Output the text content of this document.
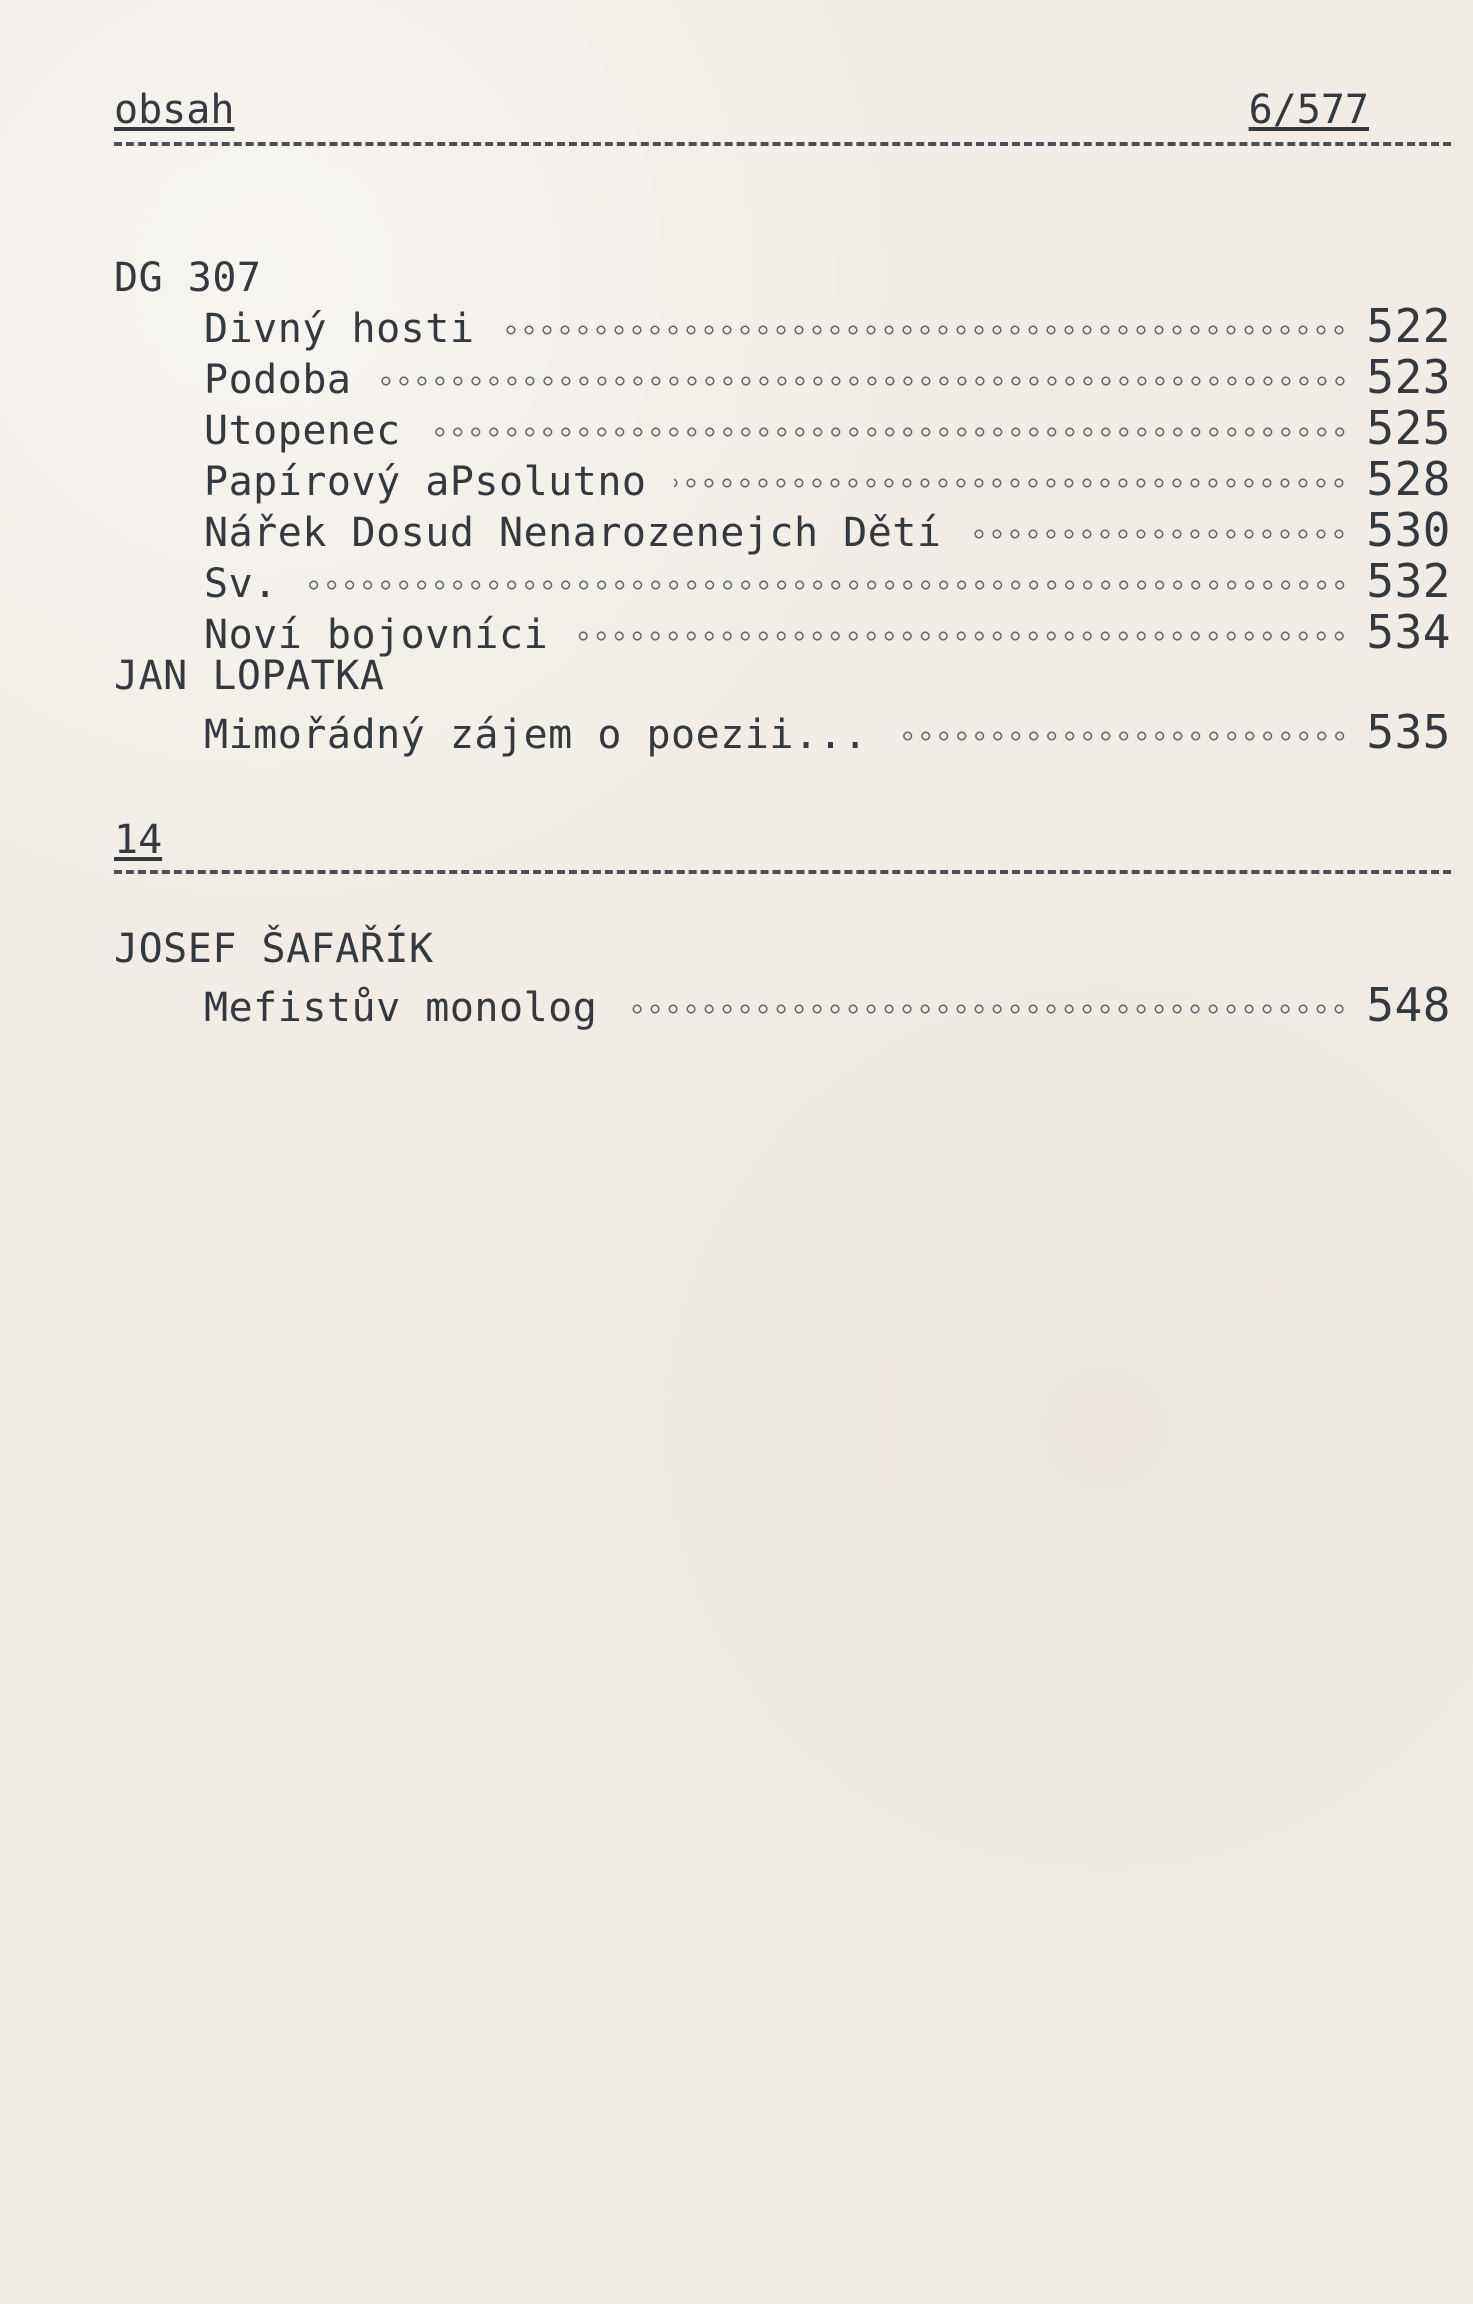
obsah	6/577
DG 307
Divný hosti	522
Podoba	523
Utopenec	525
Papírový aPsolutno	528
Nářek Dosud Nenarozenejch Dětí	530
Sv.	532
Noví bojovníci	534
JAN LOPATKA
Mimořádný zájem o poezii...	535
14
JOSEF ŠAFAŘÍK
Mefistův monolog	548
